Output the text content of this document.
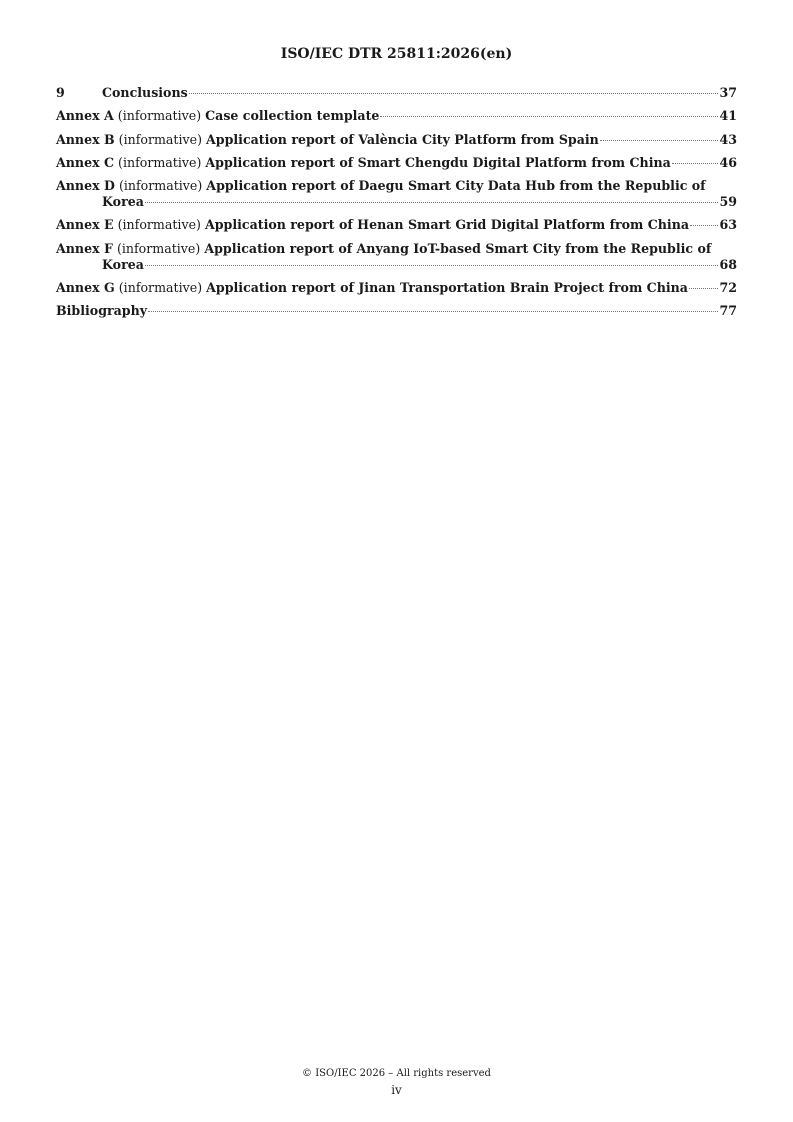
ISO/IEC DTR 25811:2026(en)
9	Conclusions	37
Annex A (informative) Case collection template	41
Annex B (informative) Application report of València City Platform from Spain	43
Annex C (informative) Application report of Smart Chengdu Digital Platform from China	46
Annex D (informative) Application report of Daegu Smart City Data Hub from the Republic of
Korea	59
Annex E (informative) Application report of Henan Smart Grid Digital Platform from China 63
Annex F (informative) Application report of Anyang IoT-based Smart City from the Republic of
Korea	68
Annex G (informative) Application report of Jinan Transportation Brain Project from China	72
Bibliography	77
© ISO/IEC 2026 – All rights reserved
iv
